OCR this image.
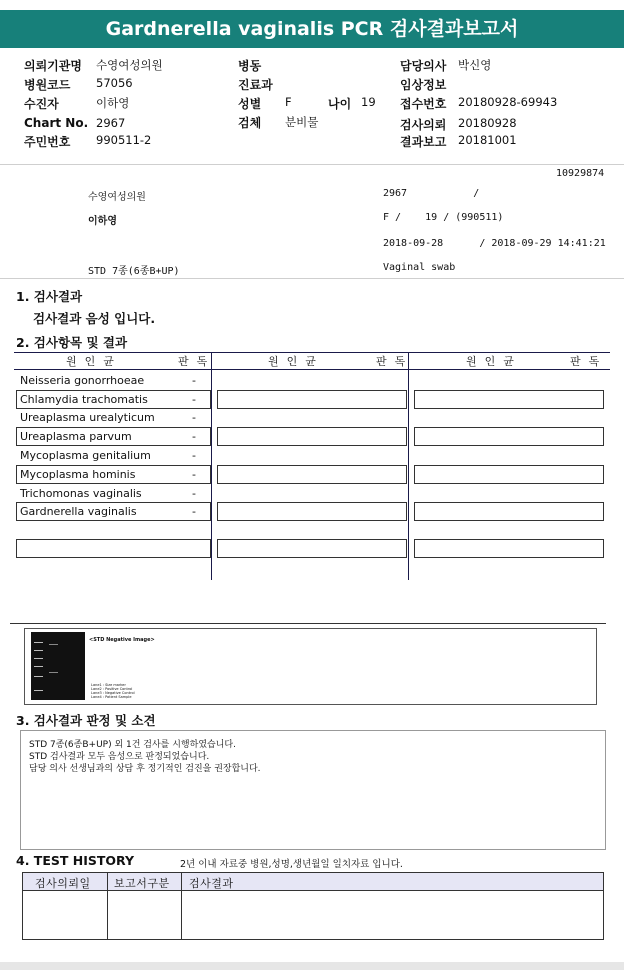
Gardnerella vaginalis PCR 검사결과보고서
의뢰기관명 수영여성의원
병원코드 57056
수진자	이하영
Chart No. 2967
주민번호 990511-2
병동
진료과
성별 F	나이 19
검체 분비물
담당의사 박신영
임상정보
접수번호 20180928-69943
검사의뢰 20180928
결과보고 20181001
10929874
수영여성의원	2967           /
이하영	F /    19 / (990511)
2018-09-28      / 2018-09-29 14:41:21
STD 7종(6종B+UP)	Vaginal swab
1. 검사결과
검사결과 음성 입니다.
2. 검사항목 및 결과
원인균	판독	원인균	판독	원인균	판독
Neisseria gonorrhoeae	-
Chlamydia trachomatis	-
Ureaplasma urealyticum	-
Ureaplasma parvum	-
Mycoplasma genitalium	-
Mycoplasma hominis	-
Trichomonas vaginalis	-
Gardnerella vaginalis	-
<STD Negative Image>
Lane1 : Size marker
Lane2 : Positive Control
Lane3 : Negative Control
Lane4 : Patient Sample
3. 검사결과 판정 및 소견
STD 7종(6종B+UP) 외 1건 검사를 시행하였습니다.
STD 검사결과 모두 음성으로 판정되었습니다.
담당 의사 선생님과의 상담 후 정기적인 검진을 권장합니다.
4. TEST HISTORY	2년 이내 자료중 병원,성명,생년월일 일치자료 입니다.
검사의뢰일 보고서구분 검사결과
